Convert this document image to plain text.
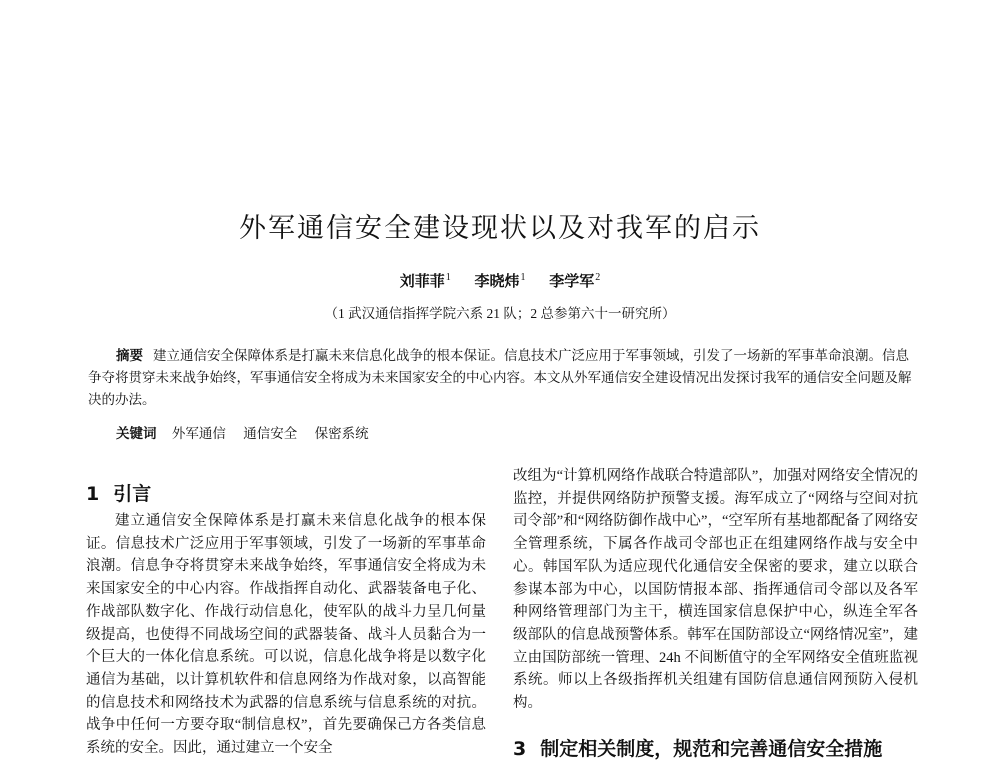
外军通信安全建设现状以及对我军的启示
刘菲菲$^1$ 李晓炜$^1$ 李学军$^2$
（1 武汉通信指挥学院六系 21 队；2 总参第六十一研究所）
摘要 建立通信安全保障体系是打赢未来信息化战争的根本保证。信息技术广泛应用于军事领域，引发了一场新的军事革命浪潮。信息争夺将贯穿未来战争始终，军事通信安全将成为未来国家安全的中心内容。本文从外军通信安全建设情况出发探讨我军的通信安全问题及解决的办法。
关键词 外军通信 通信安全 保密系统
1 引言

建立通信安全保障体系是打赢未来信息化战争的根本保证。信息技术广泛应用于军事领域，引发了一场新的军事革命浪潮。信息争夺将贯穿未来战争始终，军事通信安全将成为未来国家安全的中心内容。作战指挥自动化、武器装备电子化、作战部队数字化、作战行动信息化，使军队的战斗力呈几何量级提高，也使得不同战场空间的武器装备、战斗人员黏合为一个巨大的一体化信息系统。可以说，信息化战争将是以数字化通信为基础，以计算机软件和信息网络为作战对象，以高智能的信息技术和网络技术为武器的信息系统与信息系统的对抗。战争中任何一方要夺取“制信息权”，首先要确保己方各类信息系统的安全。因此，通过建立一个安全

改组为“计算机网络作战联合特遣部队”，加强对网络安全情况的监控，并提供网络防护预警支援。海军成立了“网络与空间对抗司令部”和“网络防御作战中心”，“空军所有基地都配备了网络安全管理系统，下属各作战司令部也正在组建网络作战与安全中心。韩国军队为适应现代化通信安全保密的要求，建立以联合参谋本部为中心，以国防情报本部、指挥通信司令部以及各军种网络管理部门为主干，横连国家信息保护中心，纵连全军各级部队的信息战预警体系。韩军在国防部设立“网络情况室”，建立由国防部统一管理、24h 不间断值守的全军网络安全值班监视系统。师以上各级指挥机关组建有国防信息通信网预防入侵机构。

3 制定相关制度，规范和完善通信安全措施
